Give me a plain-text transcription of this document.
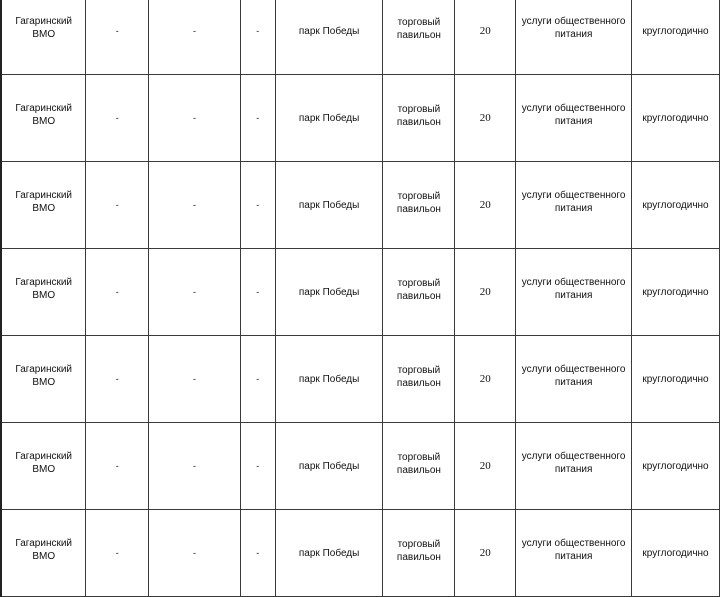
Гагаринский ВМО	-	-	-	парк Победы	торговый павильон	20	услуги общественного питания	круглогодично
Гагаринский ВМО	-	-	-	парк Победы	торговый павильон	20	услуги общественного питания	круглогодично
Гагаринский ВМО	-	-	-	парк Победы	торговый павильон	20	услуги общественного питания	круглогодично
Гагаринский ВМО	-	-	-	парк Победы	торговый павильон	20	услуги общественного питания	круглогодично
Гагаринский ВМО	-	-	-	парк Победы	торговый павильон	20	услуги общественного питания	круглогодично
Гагаринский ВМО	-	-	-	парк Победы	торговый павильон	20	услуги общественного питания	круглогодично
Гагаринский ВМО	-	-	-	парк Победы	торговый павильон	20	услуги общественного питания	круглогодично
